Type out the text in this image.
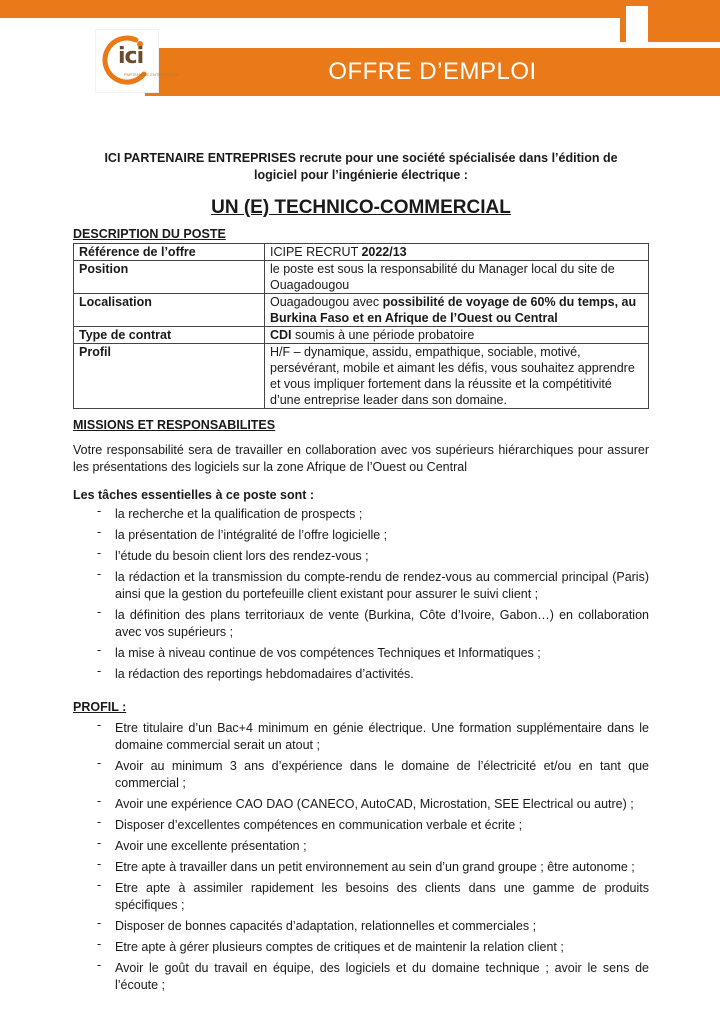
OFFRE D’EMPLOI
ici
PARTENAIRE ENTREPRISES

ICI PARTENAIRE ENTREPRISES recrute pour une société spécialisée dans l’édition de logiciel pour l’ingénierie électrique :

UN (E) TECHNICO-COMMERCIAL

DESCRIPTION DU POSTE

Référence de l’offre	ICIPE RECRUT 2022/13
Position	le poste est sous la responsabilité du Manager local du site de Ouagadougou
Localisation	Ouagadougou avec possibilité de voyage de 60% du temps, au Burkina Faso et en Afrique de l’Ouest ou Central
Type de contrat	CDI soumis à une période probatoire
Profil	H/F – dynamique, assidu, empathique, sociable, motivé, persévérant, mobile et aimant les défis, vous souhaitez apprendre et vous impliquer fortement dans la réussite et la compétitivité d’une entreprise leader dans son domaine.

MISSIONS ET RESPONSABILITES

Votre responsabilité sera de travailler en collaboration avec vos supérieurs hiérarchiques pour assurer les présentations des logiciels sur la zone Afrique de l’Ouest ou Central

Les tâches essentielles à ce poste sont :

- la recherche et la qualification de prospects ;
- la présentation de l’intégralité de l’offre logicielle ;
- l’étude du besoin client lors des rendez-vous ;
- la rédaction et la transmission du compte-rendu de rendez-vous au commercial principal (Paris) ainsi que la gestion du portefeuille client existant pour assurer le suivi client ;
- la définition des plans territoriaux de vente (Burkina, Côte d’Ivoire, Gabon…) en collaboration avec vos supérieurs ;
- la mise à niveau continue de vos compétences Techniques et Informatiques ;
- la rédaction des reportings hebdomadaires d’activités.

PROFIL :

- Etre titulaire d’un Bac+4 minimum en génie électrique. Une formation supplémentaire dans le domaine commercial serait un atout ;
- Avoir au minimum 3 ans d’expérience dans le domaine de l’électricité et/ou en tant que commercial ;
- Avoir une expérience CAO DAO (CANECO, AutoCAD, Microstation, SEE Electrical ou autre) ;
- Disposer d’excellentes compétences en communication verbale et écrite ;
- Avoir une excellente présentation ;
- Etre apte à travailler dans un petit environnement au sein d’un grand groupe ; être autonome ;
- Etre apte à assimiler rapidement les besoins des clients dans une gamme de produits spécifiques ;
- Disposer de bonnes capacités d’adaptation, relationnelles et commerciales ;
- Etre apte à gérer plusieurs comptes de critiques et de maintenir la relation client ;
- Avoir le goût du travail en équipe, des logiciels et du domaine technique ; avoir le sens de l’écoute ;
